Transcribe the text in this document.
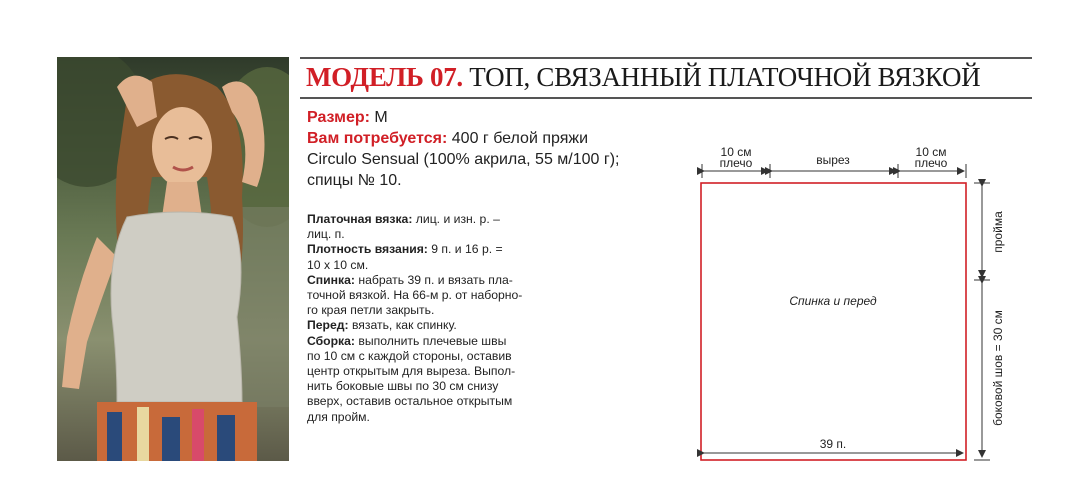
МОДЕЛЬ 07. ТОП, СВЯЗАННЫЙ ПЛАТОЧНОЙ ВЯЗКОЙ
Размер: M
Вам потребуется: 400 г белой пряжи
Circulo Sensual (100% акрила, 55 м/100 г);
спицы № 10.

Платочная вязка: лиц. и изн. р. –

лиц. п.

Плотность вязания: 9 п. и 16 р. =

10 х 10 см.

Спинка: набрать 39 п. и вязать пла-

точной вязкой. На 66-м р. от наборно-

го края петли закрыть.

Перед: вязать, как спинку.

Сборка: выполнить плечевые швы

по 10 см с каждой стороны, оставив

центр открытым для выреза. Выпол-

нить боковые швы по 30 см снизу

вверх, оставив остальное открытым

для пройм.

10 см
плечо	вырез
10 см
плечо
Спинка и перед
39 п.
пройма
боковой шов = 30 см
